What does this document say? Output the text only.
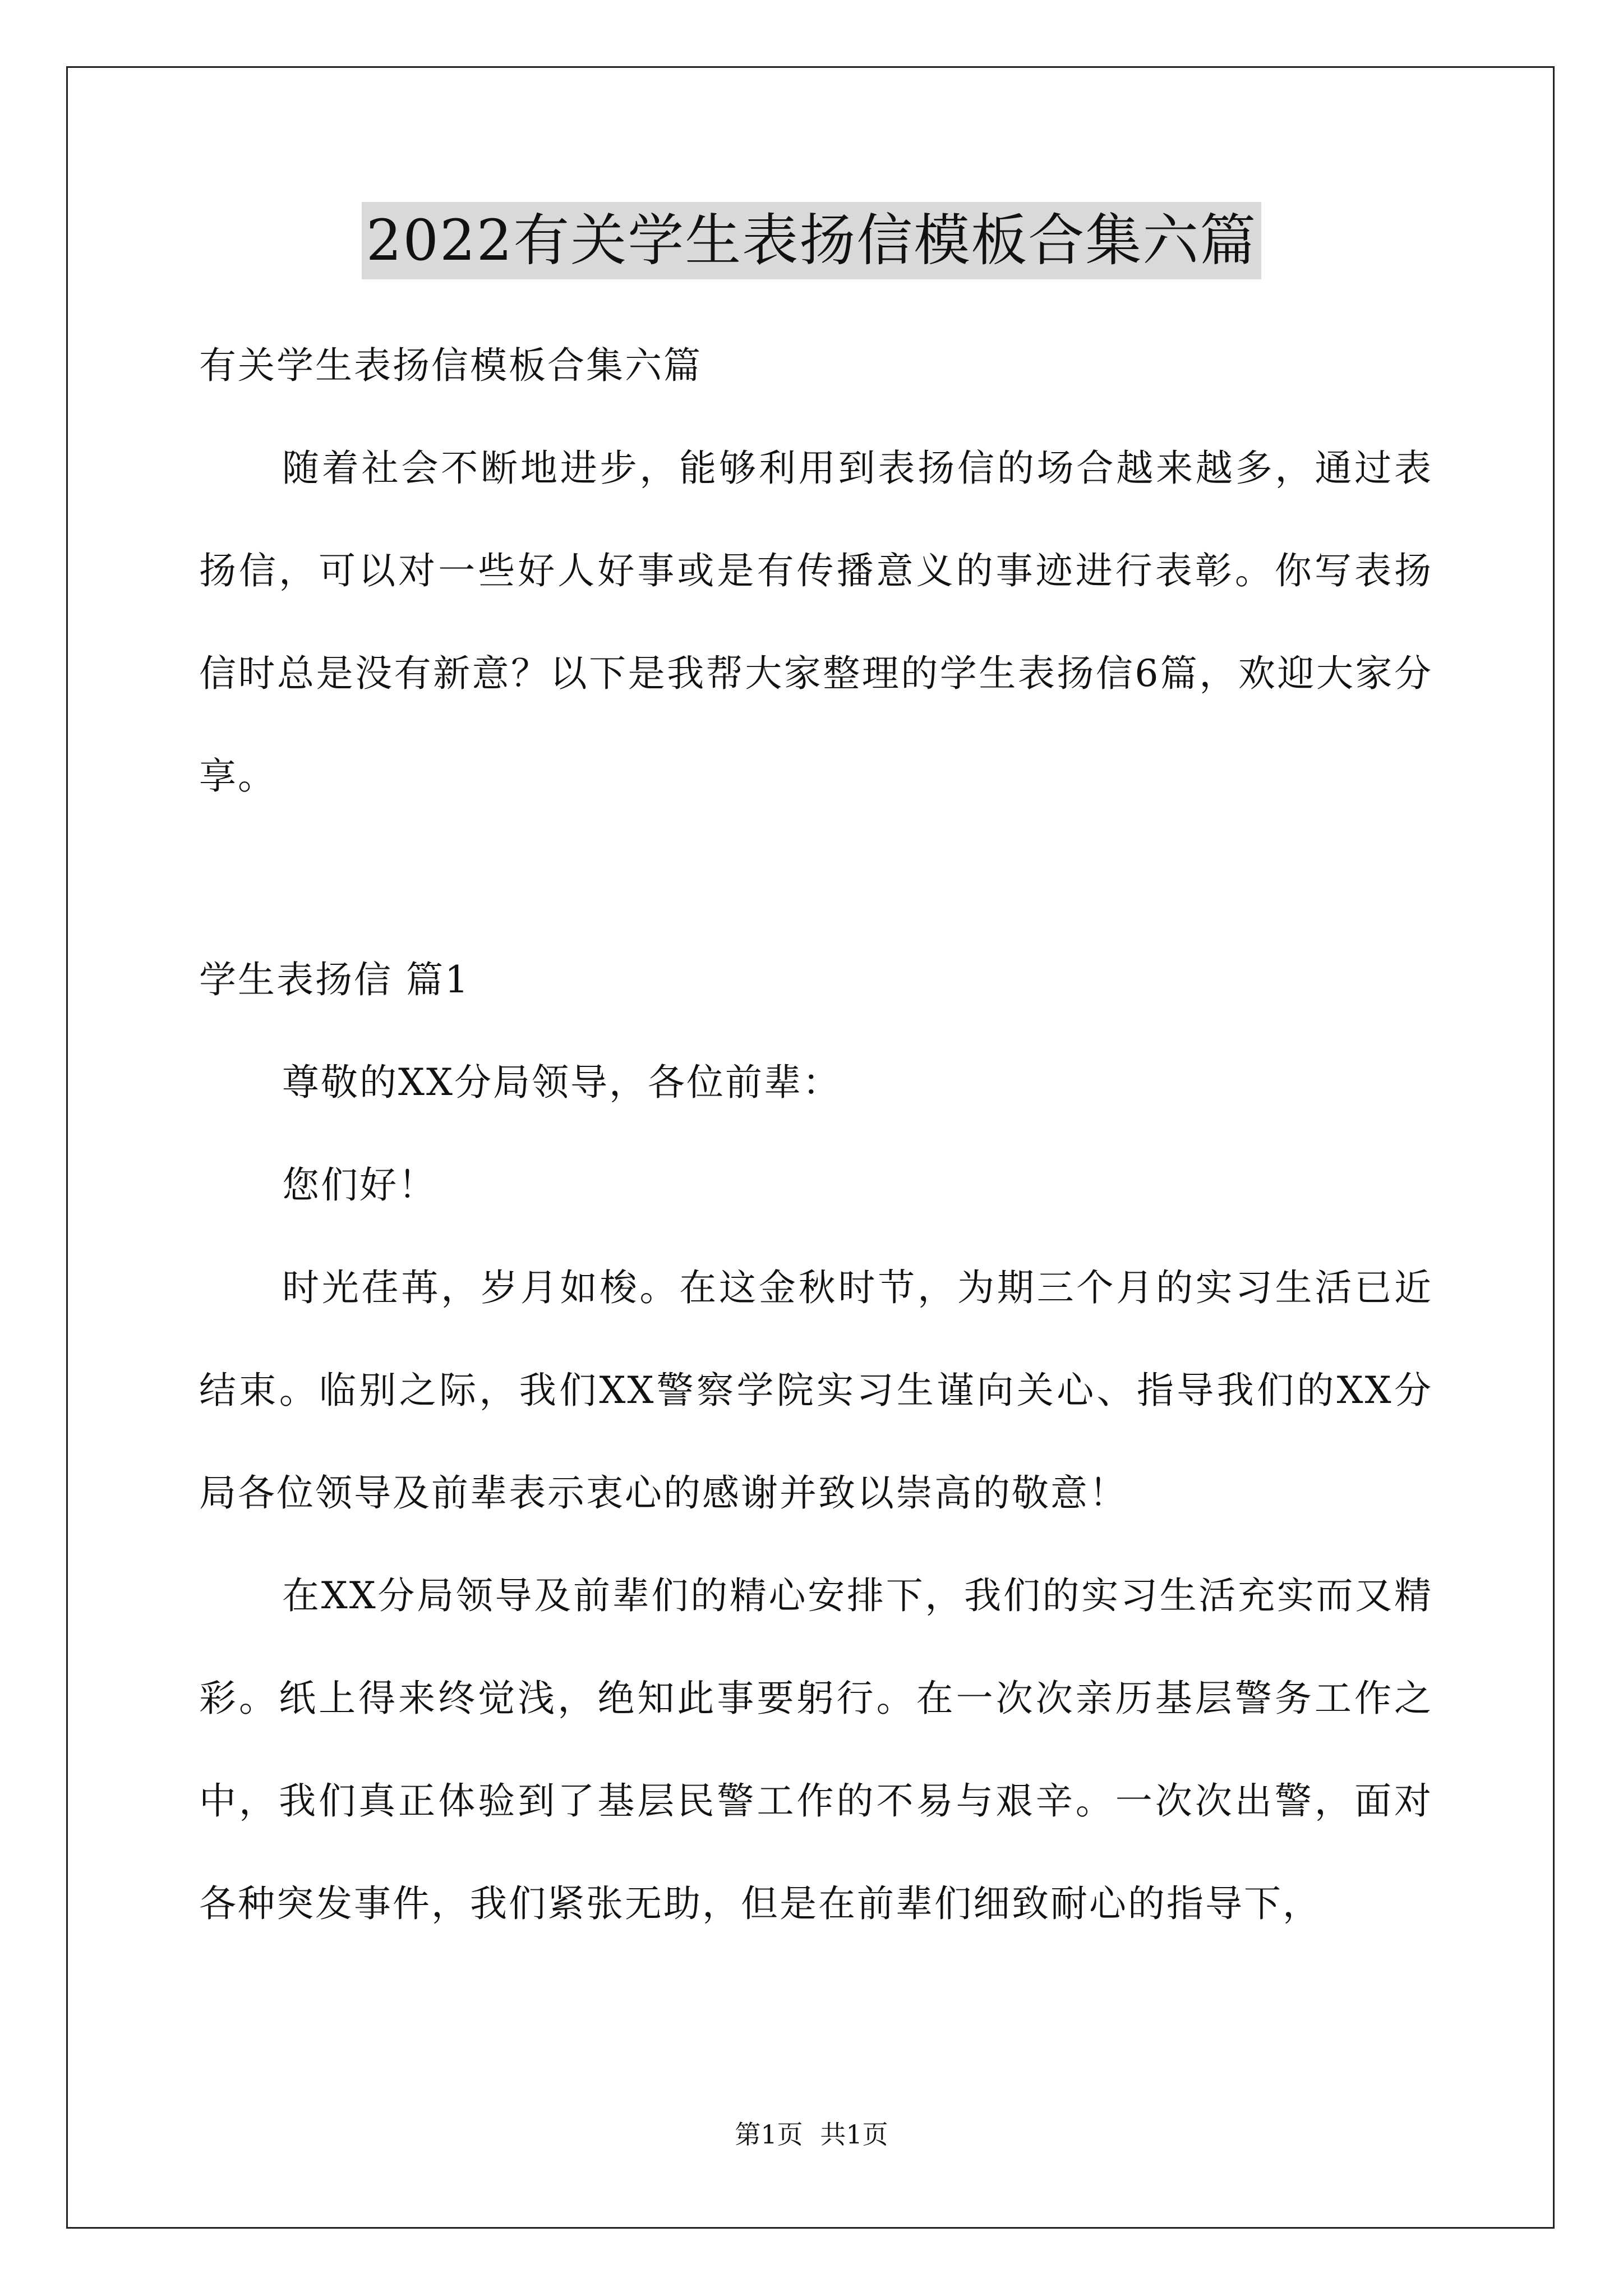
2022有关学生表扬信模板合集六篇

有关学生表扬信模板合集六篇

随着社会不断地进步，能够利用到表扬信的场合越来越多，通过表扬信，可以对一些好人好事或是有传播意义的事迹进行表彰。你写表扬信时总是没有新意？以下是我帮大家整理的学生表扬信6篇，欢迎大家分享。

学生表扬信 篇1

尊敬的XX分局领导，各位前辈：

您们好！

时光荏苒，岁月如梭。在这金秋时节，为期三个月的实习生活已近结束。临别之际，我们XX警察学院实习生谨向关心、指导我们的XX分局各位领导及前辈表示衷心的感谢并致以崇高的敬意！

在XX分局领导及前辈们的精心安排下，我们的实习生活充实而又精彩。纸上得来终觉浅，绝知此事要躬行。在一次次亲历基层警务工作之中，我们真正体验到了基层民警工作的不易与艰辛。一次次出警，面对各种突发事件，我们紧张无助，但是在前辈们细致耐心的指导下，

第1页 共1页
